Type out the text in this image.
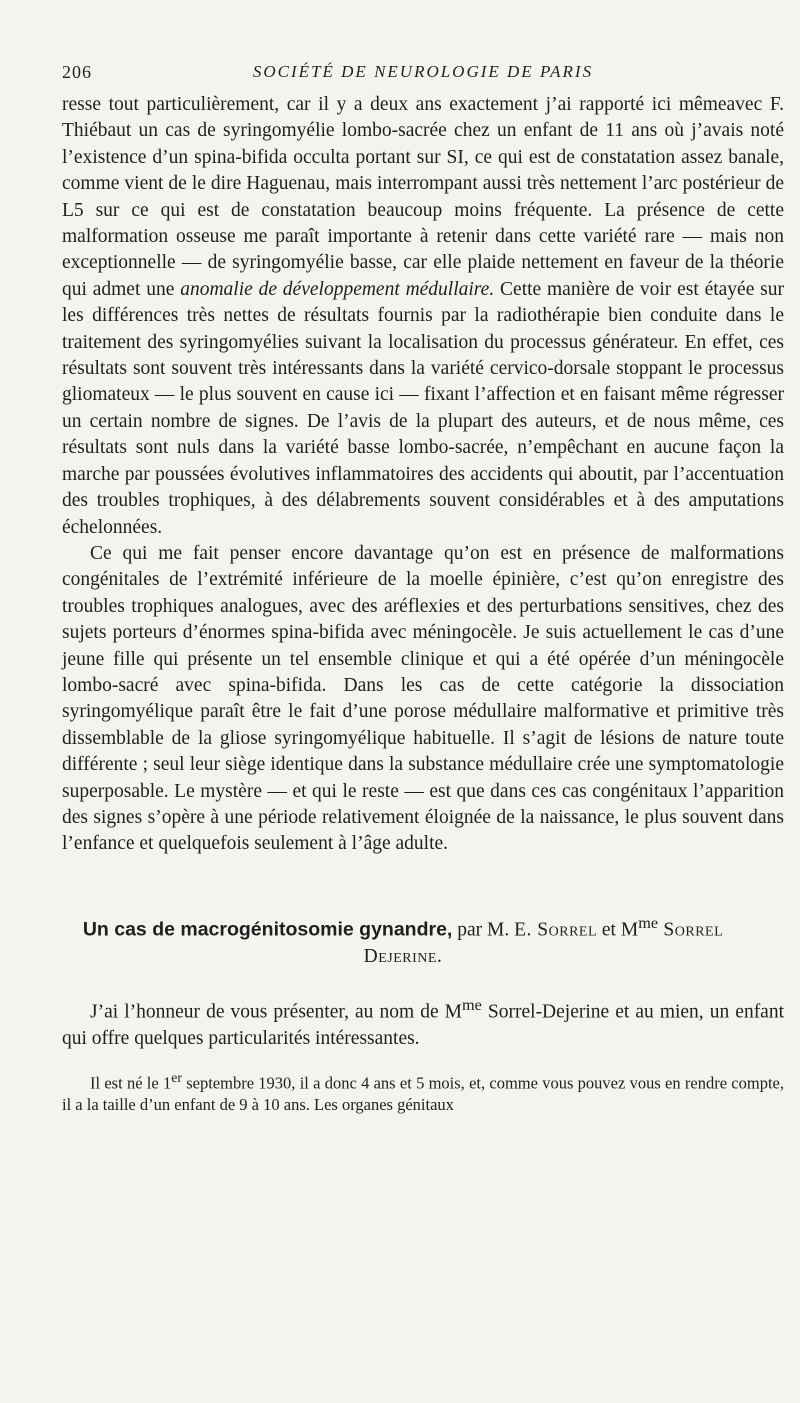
206	SOCIÉTÉ DE NEUROLOGIE DE PARIS

resse tout particulièrement, car il y a deux ans exactement j’ai rapporté ici mêmeavec F. Thiébaut un cas de syringomyélie lombo-sacrée chez un enfant de 11 ans où j’avais noté l’existence d’un spina-bifida occulta portant sur SI, ce qui est de constatation assez banale, comme vient de le dire Haguenau, mais interrompant aussi très nettement l’arc postérieur de L5 sur ce qui est de constatation beaucoup moins fréquente. La présence de cette malformation osseuse me paraît importante à retenir dans cette variété rare — mais non exceptionnelle — de syringomyélie basse, car elle plaide nettement en faveur de la théorie qui admet une anomalie de développement médullaire. Cette manière de voir est étayée sur les différences très nettes de résultats fournis par la radiothérapie bien conduite dans le traitement des syringomyélies suivant la localisation du processus générateur. En effet, ces résultats sont souvent très intéressants dans la variété cervico-dorsale stoppant le processus gliomateux — le plus souvent en cause ici — fixant l’affection et en faisant même régresser un certain nombre de signes. De l’avis de la plupart des auteurs, et de nous même, ces résultats sont nuls dans la variété basse lombo-sacrée, n’empêchant en aucune façon la marche par poussées évolutives inflammatoires des accidents qui aboutit, par l’accentuation des troubles trophiques, à des délabrements souvent considérables et à des amputations échelonnées.

Ce qui me fait penser encore davantage qu’on est en présence de malformations congénitales de l’extrémité inférieure de la moelle épinière, c’est qu’on enregistre des troubles trophiques analogues, avec des aréflexies et des perturbations sensitives, chez des sujets porteurs d’énormes spina-bifida avec méningocèle. Je suis actuellement le cas d’une jeune fille qui présente un tel ensemble clinique et qui a été opérée d’un méningocèle lombo-sacré avec spina-bifida. Dans les cas de cette catégorie la dissociation syringomyélique paraît être le fait d’une porose médullaire malformative et primitive très dissemblable de la gliose syringomyélique habituelle. Il s’agit de lésions de nature toute différente ; seul leur siège identique dans la substance médullaire crée une symptomatologie superposable. Le mystère — et qui le reste — est que dans ces cas congénitaux l’apparition des signes s’opère à une période relativement éloignée de la naissance, le plus souvent dans l’enfance et quelquefois seulement à l’âge adulte.

Un cas de macrogénitosomie gynandre, par M. E. Sorrel et $M^{me}$ Sorrel Dejerine.

J’ai l’honneur de vous présenter, au nom de $M^{me}$ Sorrel-Dejerine et au mien, un enfant qui offre quelques particularités intéressantes.

Il est né le 1er septembre 1930, il a donc 4 ans et 5 mois, et, comme vous pouvez vous en rendre compte, il a la taille d’un enfant de 9 à 10 ans. Les organes génitaux
